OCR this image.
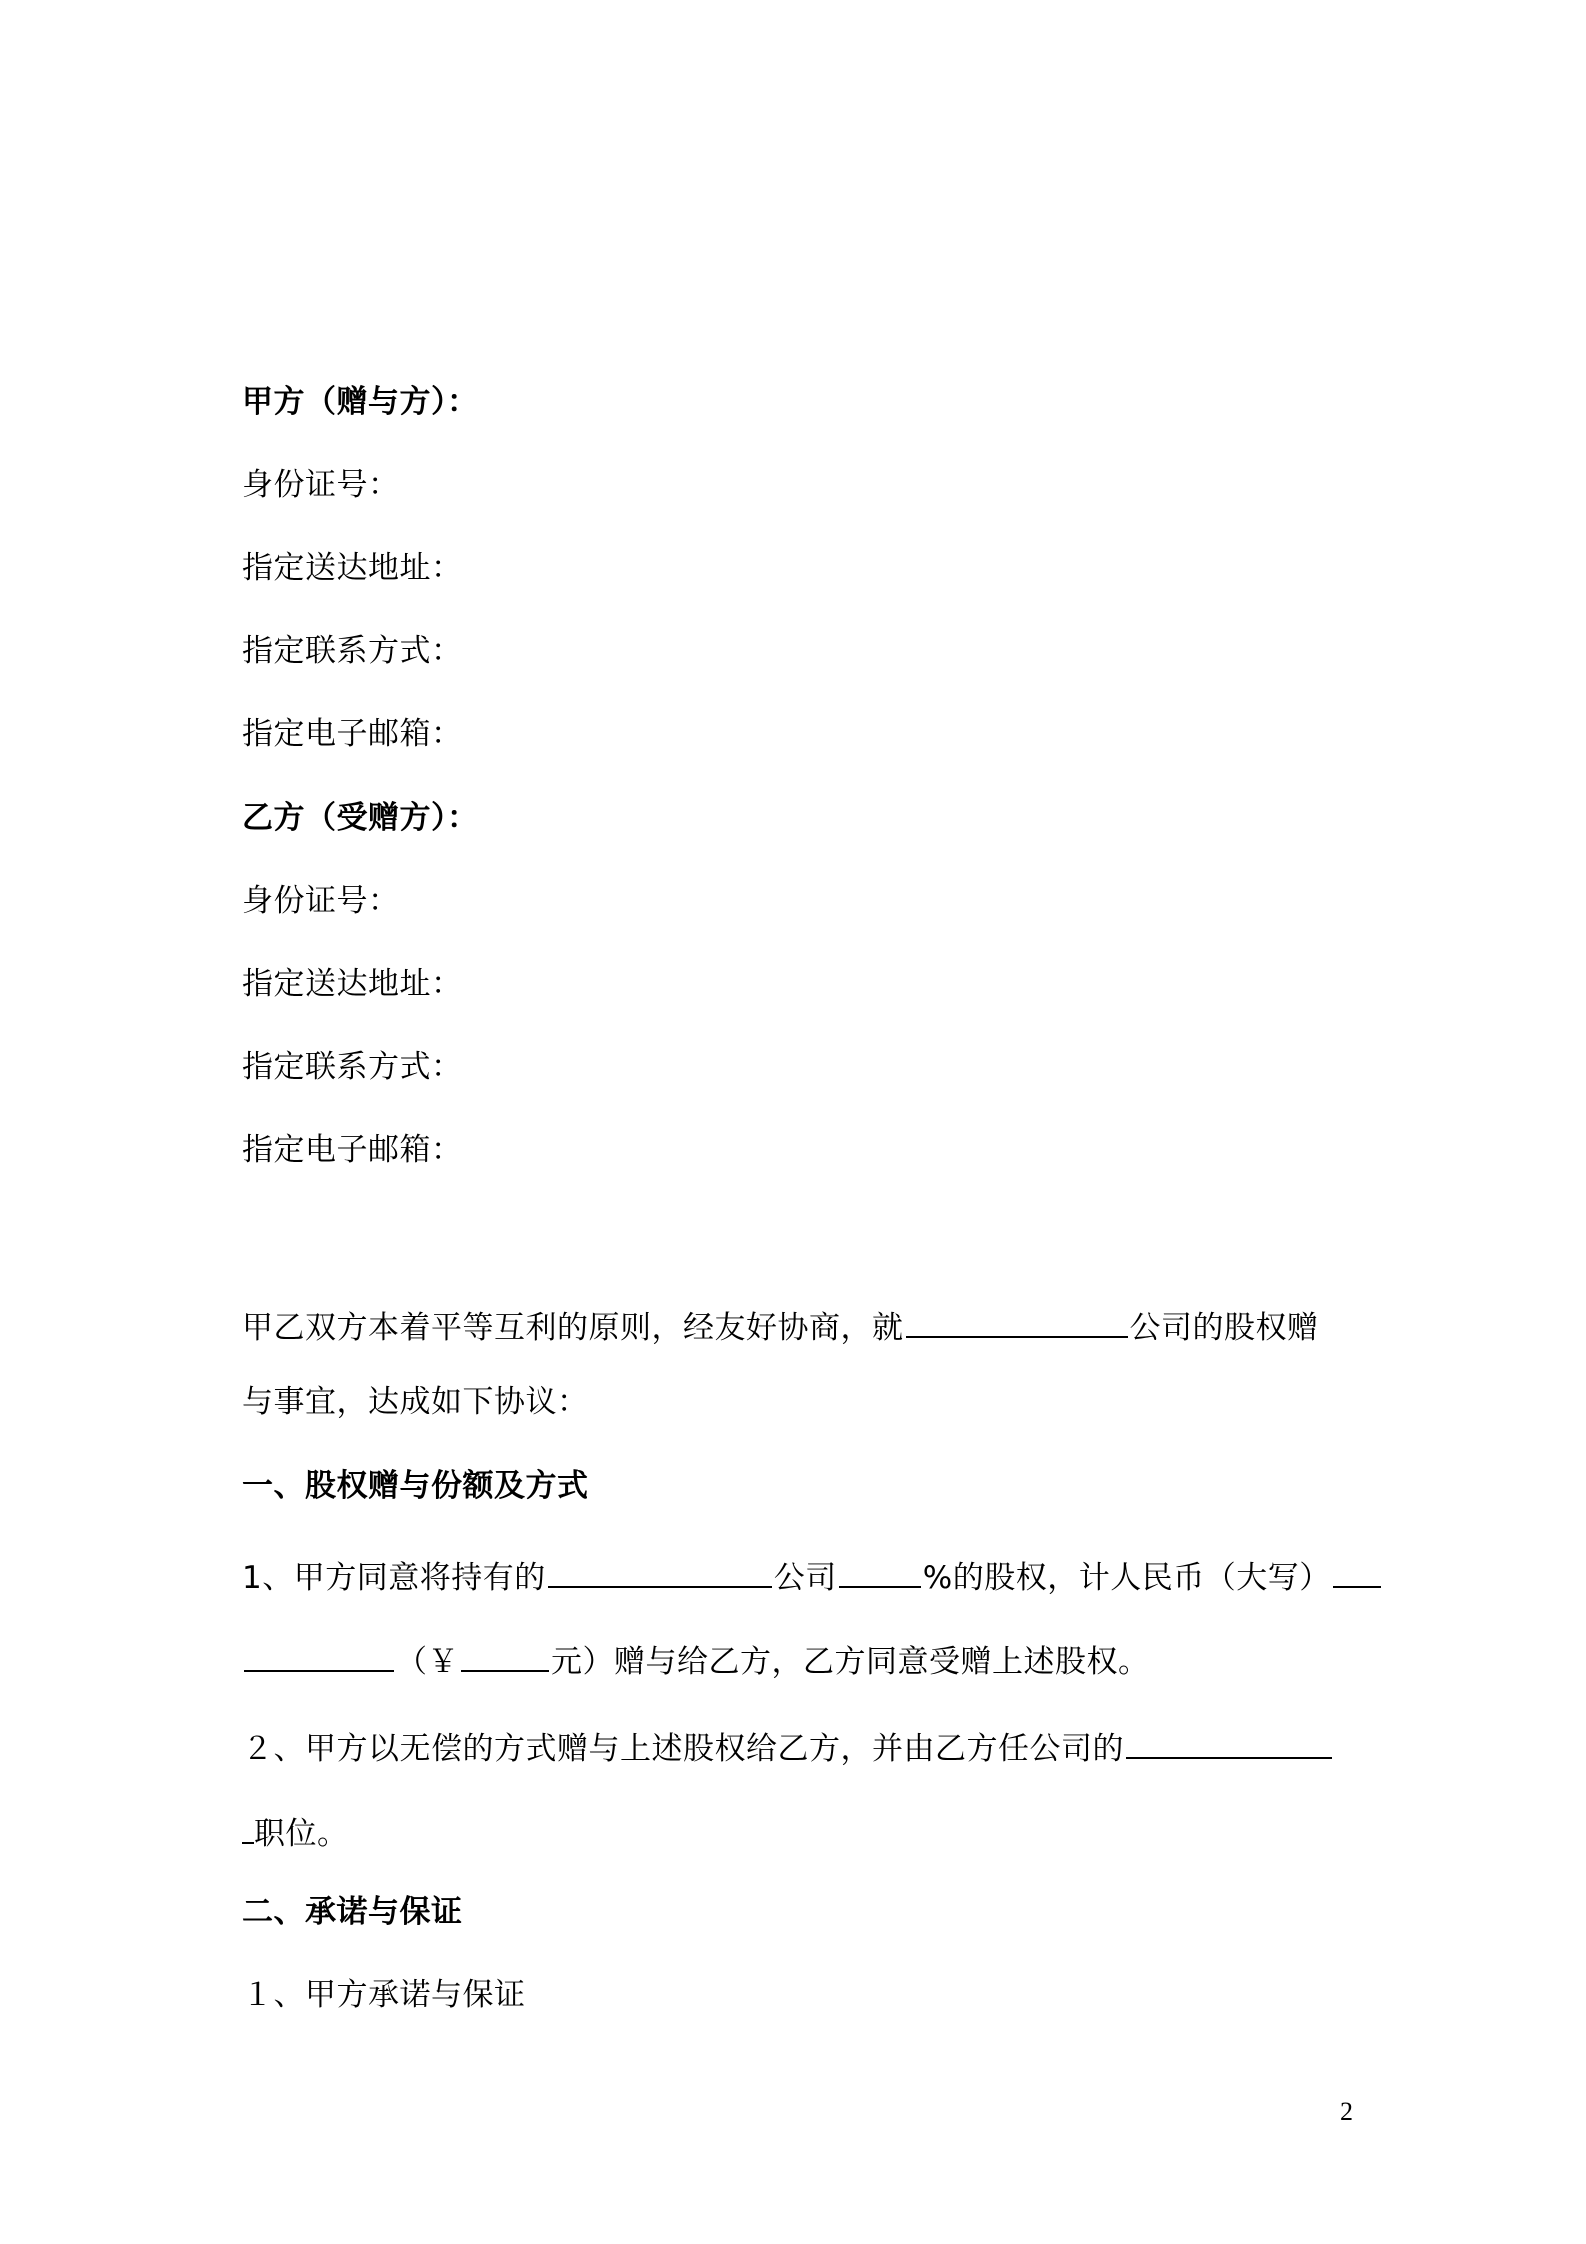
甲方（赠与方）：
身份证号：
指定送达地址：
指定联系方式：
指定电子邮箱：
乙方（受赠方）：
身份证号：
指定送达地址：
指定联系方式：
指定电子邮箱：
甲乙双方本着平等互利的原则，经友好协商，就	公司的股权赠
与事宜，达成如下协议：
一、股权赠与份额及方式
1、甲方同意将持有的	公司	%的股权，计人民币（大写）
（￥	元）赠与给乙方，乙方同意受赠上述股权。
２、甲方以无偿的方式赠与上述股权给乙方，并由乙方任公司的
职位。
二、承诺与保证
１、甲方承诺与保证
2
